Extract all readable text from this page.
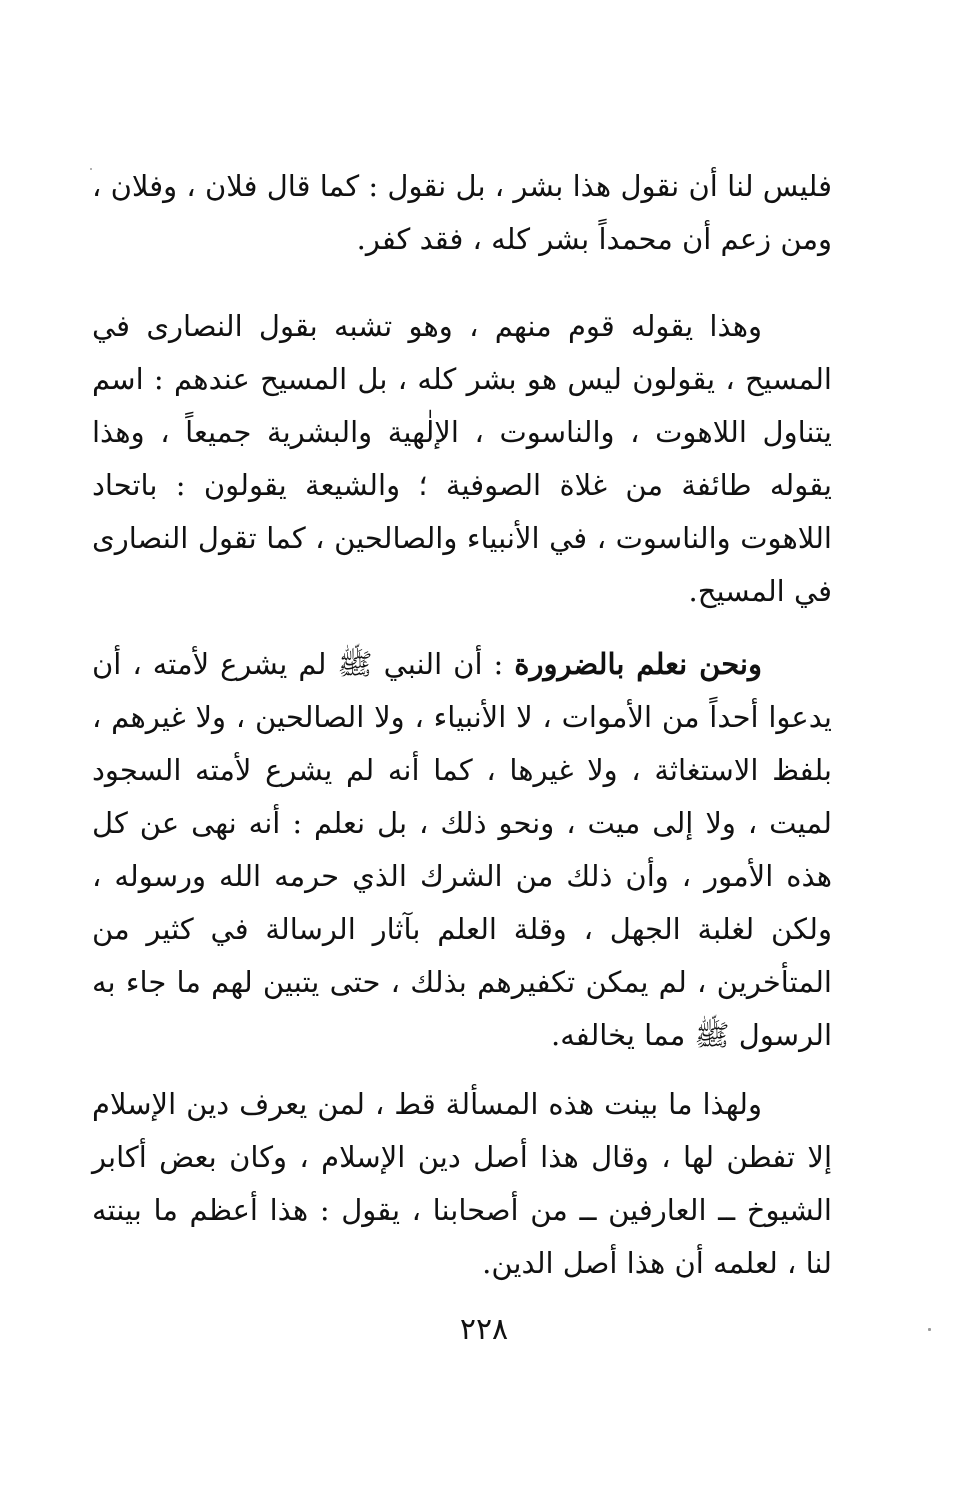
فليس لنا أن نقول هذا بشر ، بل نقول : كما قال فلان ، وفلان ، ومن زعم أن محمداً بشر كله ، فقد كفر.

وهذا يقوله قوم منهم ، وهو تشبه بقول النصارى في المسيح ، يقولون ليس هو بشر كله ، بل المسيح عندهم : اسم يتناول اللاهوت ، والناسوت ، الإلٰهية والبشرية جميعاً ، وهذا يقوله طائفة من غلاة الصوفية ؛ والشيعة يقولون : باتحاد اللاهوت والناسوت ، في الأنبياء والصالحين ، كما تقول النصارى في المسيح.

ونحن نعلم بالضرورة : أن النبي ﷺ لم يشرع لأمته ، أن يدعوا أحداً من الأموات ، لا الأنبياء ، ولا الصالحين ، ولا غيرهم ، بلفظ الاستغاثة ، ولا غيرها ، كما أنه لم يشرع لأمته السجود لميت ، ولا إلى ميت ، ونحو ذلك ، بل نعلم : أنه نهى عن كل هذه الأمور ، وأن ذلك من الشرك الذي حرمه الله ورسوله ، ولكن لغلبة الجهل ، وقلة العلم بآثار الرسالة في كثير من المتأخرين ، لم يمكن تكفيرهم بذلك ، حتى يتبين لهم ما جاء به الرسول ﷺ مما يخالفه.

ولهذا ما بينت هذه المسألة قط ، لمن يعرف دين الإسلام إلا تفطن لها ، وقال هذا أصل دين الإسلام ، وكان بعض أكابر الشيوخ ــ العارفين ــ من أصحابنا ، يقول : هذا أعظم ما بينته لنا ، لعلمه أن هذا أصل الدين.

٢٢٨
